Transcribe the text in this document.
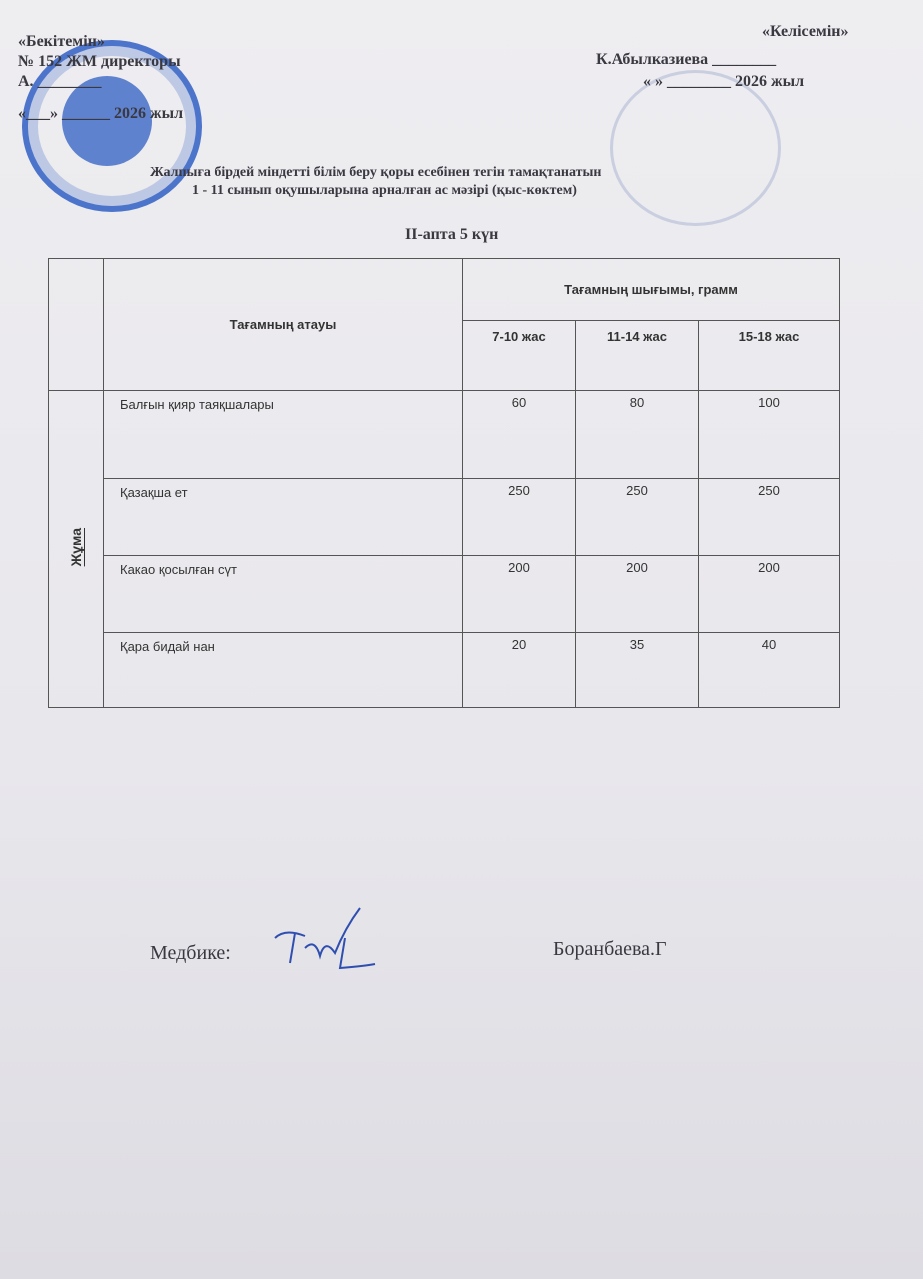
«Бекітемін»
№ 152 ЖМ директоры
А. ________
«___» ______ 2026 жыл
«Келісемін»
К.Абылказиева ________
« » ________ 2026 жыл
Жалпыға бірдей міндетті білім беру қоры есебінен тегін тамақтанатын
1 - 11 сынып оқушыларына арналған ас мәзірі (қыс-көктем)
ІІ-апта 5 күн
	Тағамның атауы	Тағамның шығымы, грамм		
		7-10 жас	11-14 жас	15-18 жас
Жұма	Балғын қияр таяқшалары	60	80	100
	Қазақша ет	250	250	250
	Какао қосылған сүт	200	200	200
	Қара бидай нан	20	35	40
Медбике:	Боранбаева.Г
